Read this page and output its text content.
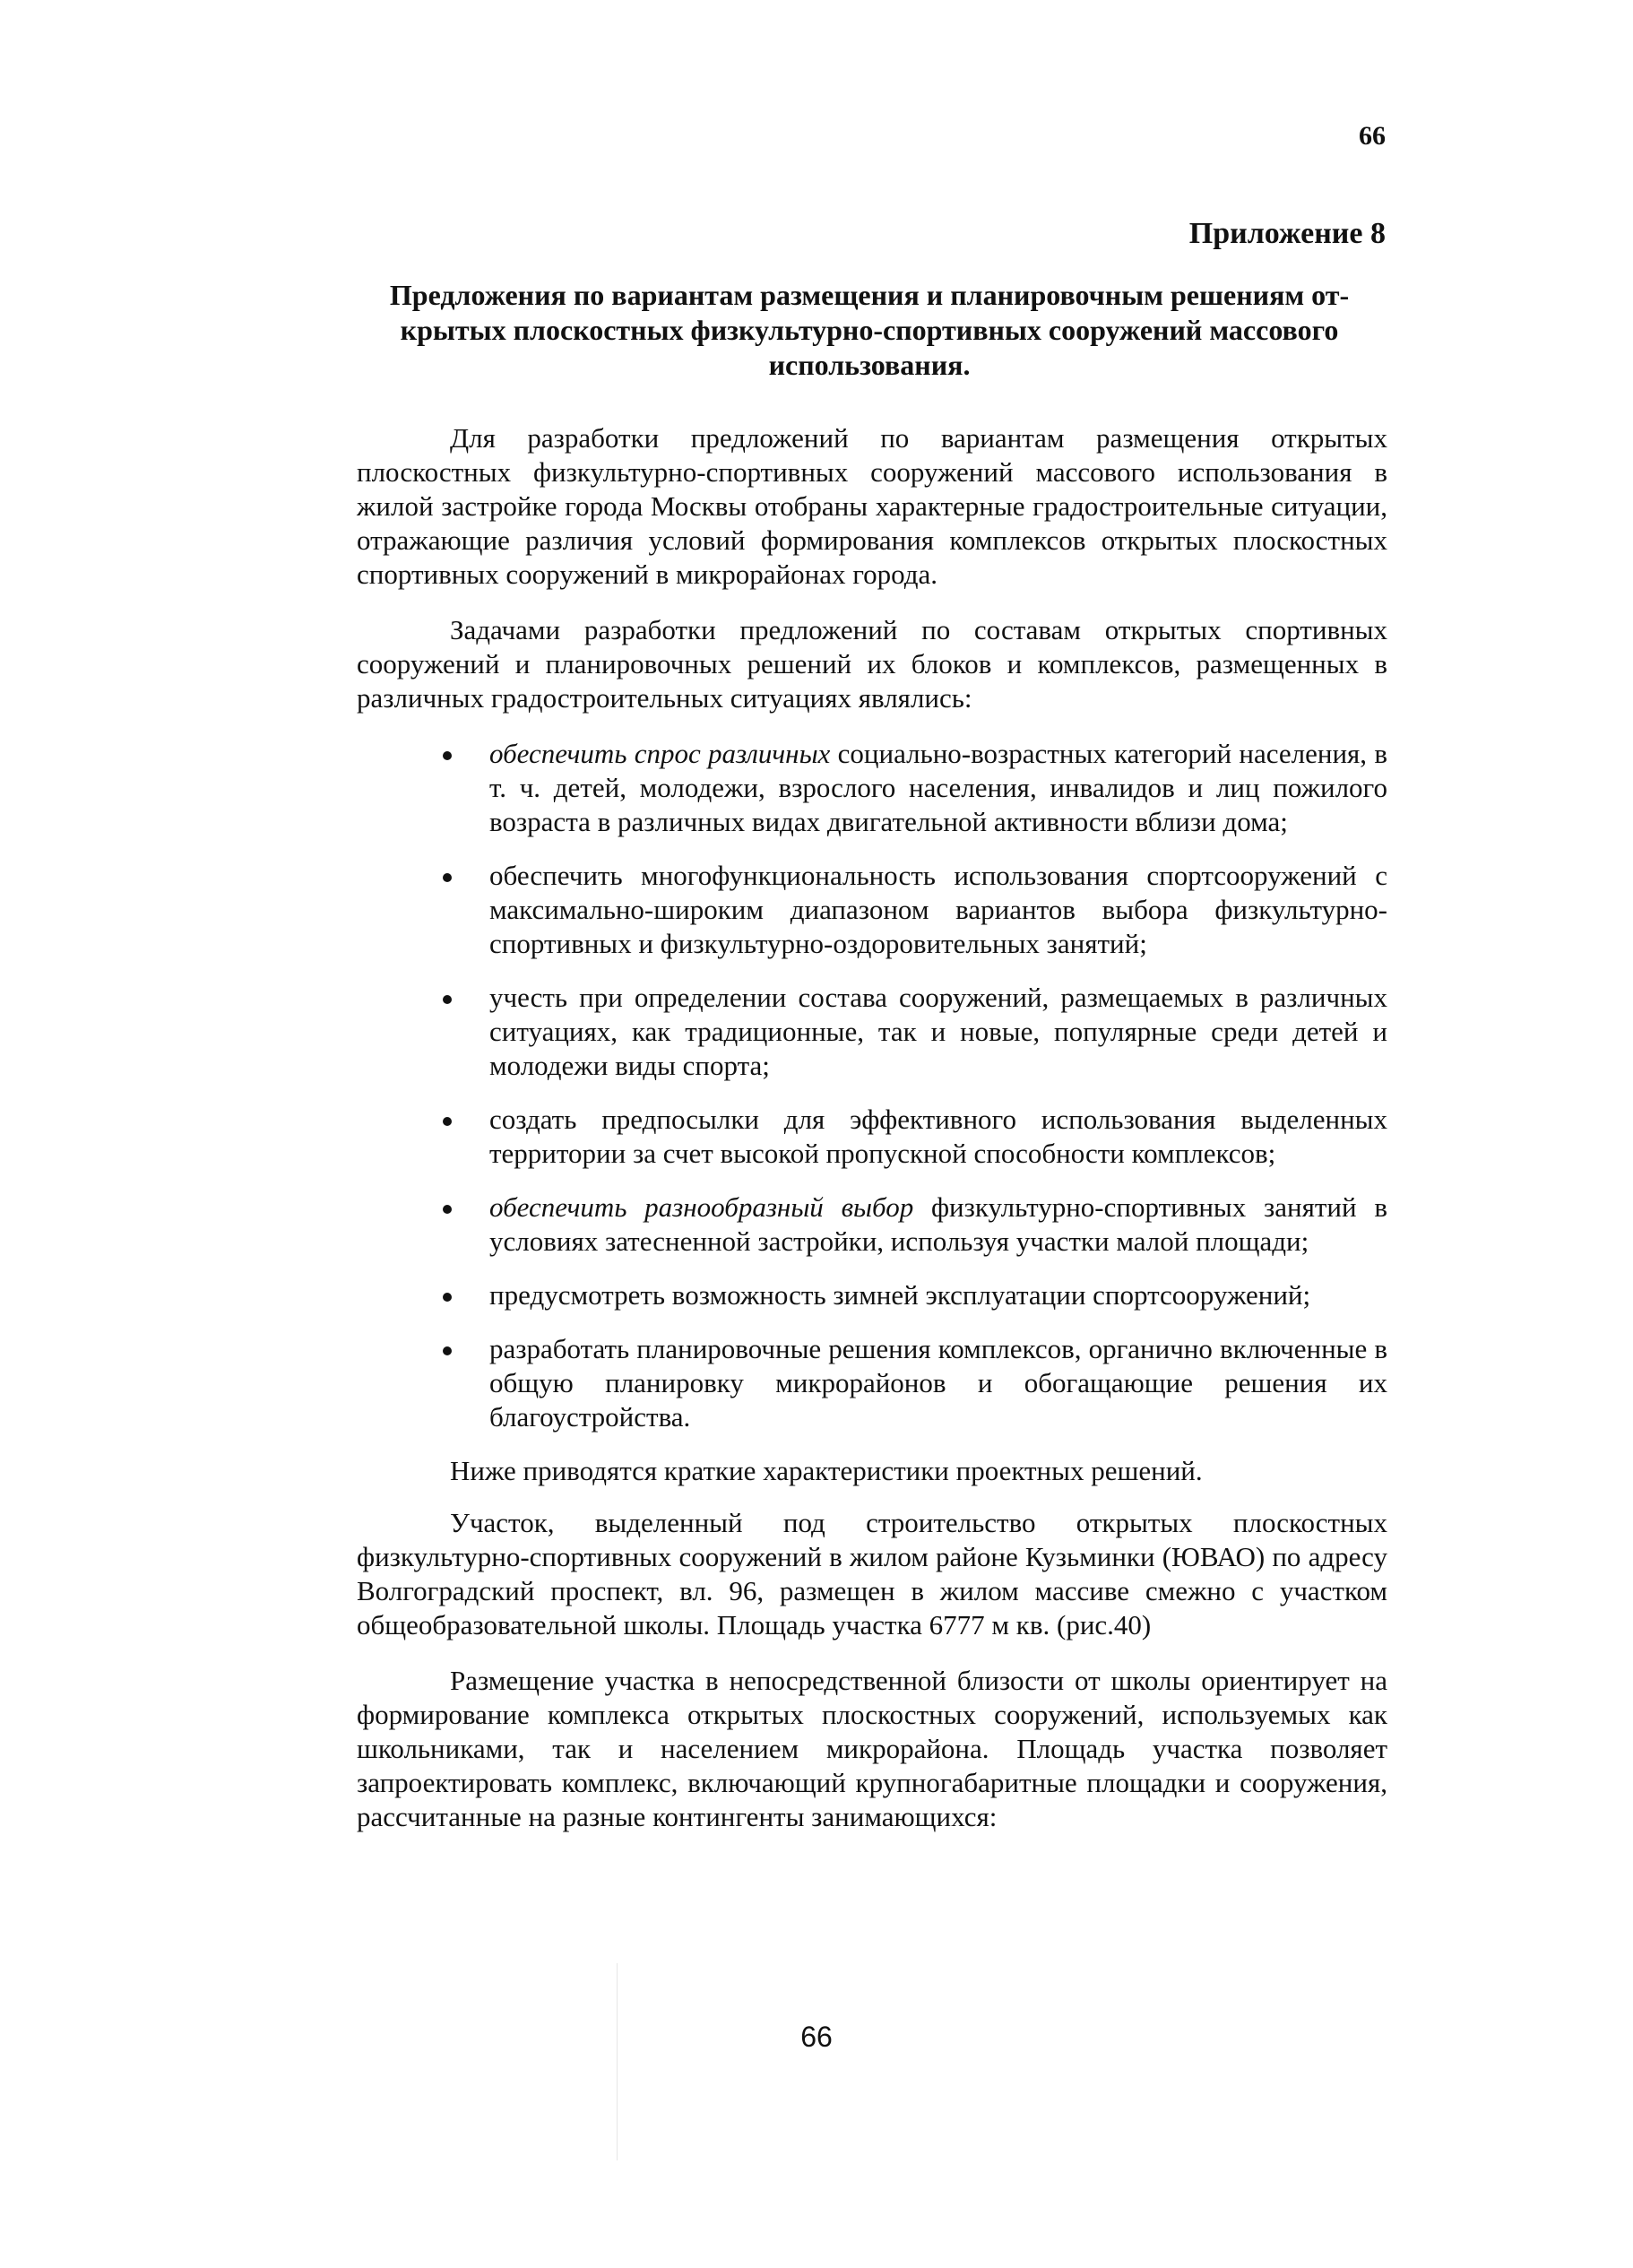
66
Приложение 8
Предложения по вариантам размещения и планировочным решениям от-
крытых плоскостных физкультурно-спортивных сооружений массового
использования.

Для разработки предложений по вариантам размещения открытых плоскостных физкультурно-спортивных сооружений массового использования в жилой застройке города Москвы отобраны характерные градостроительные ситуации, отражающие различия условий формирования комплексов открытых плоскостных спортивных сооружений в микрорайонах города.

Задачами разработки предложений по составам открытых спортивных сооружений и планировочных решений их блоков и комплексов, размещенных в различных градостроительных ситуациях являлись:

обеспечить спрос различных социально-возрастных категорий населения, в т. ч. детей, молодежи, взрослого населения, инвалидов и лиц пожилого возраста в различных видах двигательной активности вблизи дома;
обеспечить многофункциональность использования спортсооружений с максимально-широким диапазоном вариантов выбора физкультурно-спортивных и физкультурно-оздоровительных занятий;
учесть при определении состава сооружений, размещаемых в различных ситуациях, как традиционные, так и новые, популярные среди детей и молодежи виды спорта;
создать предпосылки для эффективного использования выделенных территории за счет высокой пропускной способности комплексов;
обеспечить разнообразный выбор физкультурно-спортивных занятий в условиях затесненной застройки, используя участки малой площади;
предусмотреть возможность зимней эксплуатации спортсооружений;
разработать планировочные решения комплексов, органично включенные в общую планировку микрорайонов и обогащающие решения их благоустройства.

Ниже приводятся краткие характеристики проектных решений.

Участок, выделенный под строительство открытых плоскостных физкультурно-спортивных сооружений в жилом районе Кузьминки (ЮВАО) по адресу Волгоградский проспект, вл. 96, размещен в жилом массиве смежно с участком общеобразовательной школы. Площадь участка 6777 м кв. (рис.40)

Размещение участка в непосредственной близости от школы ориентирует на формирование комплекса открытых плоскостных сооружений, используемых как школьниками, так и населением микрорайона. Площадь участка позволяет запроектировать комплекс, включающий крупногабаритные площадки и сооружения, рассчитанные на разные контингенты занимающихся:

66
